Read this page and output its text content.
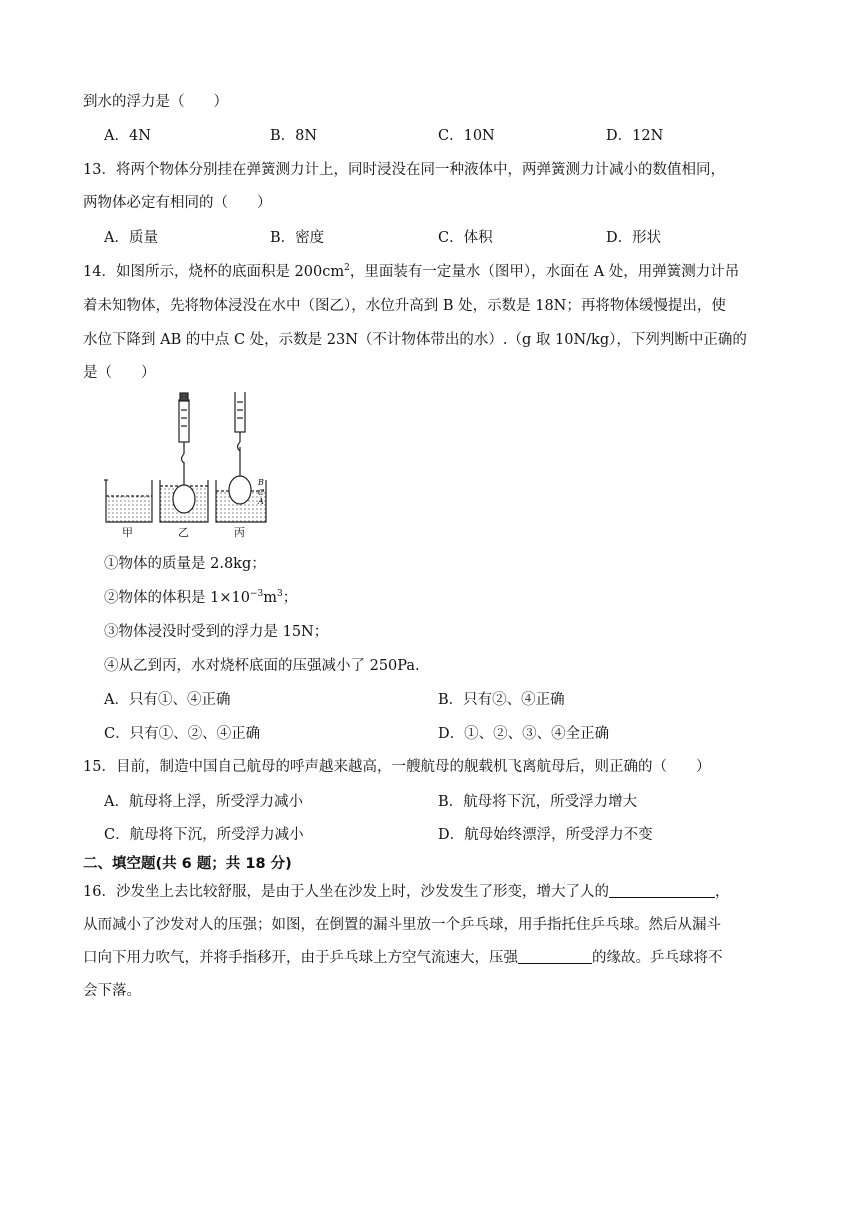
到水的浮力是（　　）
A．4N	B．8N	C．10N	D．12N
13．将两个物体分别挂在弹簧测力计上，同时浸没在同一种液体中，两弹簧测力计减小的数值相同，
两物体必定有相同的（　　）
A．质量	B．密度	C．体积	D．形状
14．如图所示，烧杯的底面积是 $200cm^2$，里面装有一定量水（图甲），水面在 A 处，用弹簧测力计吊
着未知物体，先将物体浸没在水中（图乙），水位升高到 B 处，示数是 18N；再将物体缓慢提出，使
水位下降到 AB 的中点 C 处，示数是 23N（不计物体带出的水）.（g 取 10N/kg），下列判断中正确的
是（　　）
B
C
A
甲	乙	丙
①物体的质量是 2.8kg；
②物体的体积是 $1\times 10^{-3}m^3$；
③物体浸没时受到的浮力是 15N；
④从乙到丙，水对烧杯底面的压强减小了 250Pa.
A．只有①、④正确	B．只有②、④正确
C．只有①、②、④正确	D．①、②、③、④全正确
15．目前，制造中国自己航母的呼声越来越高，一艘航母的舰载机飞离航母后，则正确的（　　）
A．航母将上浮，所受浮力减小	B．航母将下沉，所受浮力增大
C．航母将下沉，所受浮力减小	D．航母始终漂浮，所受浮力不变
二、填空题(共 6 题；共 18 分)
16．沙发坐上去比较舒服，是由于人坐在沙发上时，沙发发生了形变，增大了人的	，
从而减小了沙发对人的压强；如图，在倒置的漏斗里放一个乒乓球，用手指托住乒乓球。然后从漏斗
口向下用力吹气，并将手指移开，由于乒乓球上方空气流速大，压强	的缘故。乒乓球将不
会下落。
